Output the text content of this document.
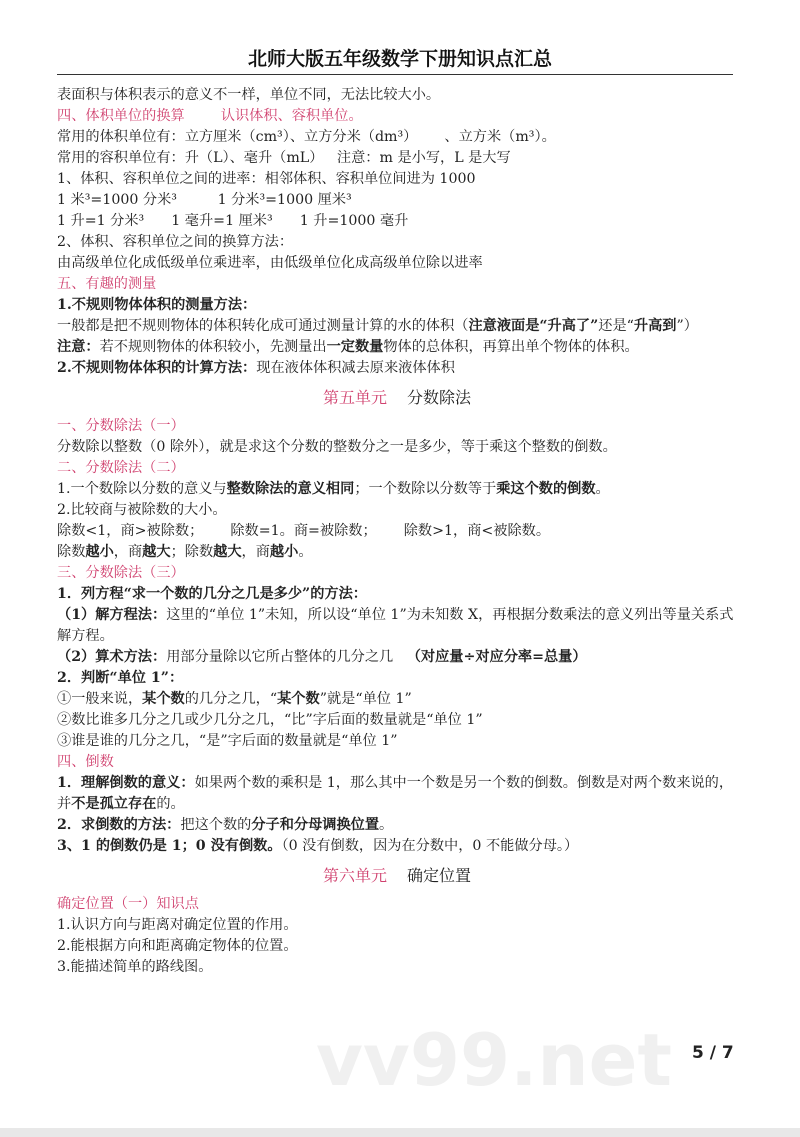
北师大版五年级数学下册知识点汇总
表面积与体积表示的意义不一样，单位不同，无法比较大小。
四、体积单位的换算        认识体积、容积单位。
常用的体积单位有：立方厘米（cm³）、立方分米（dm³）      、立方米（m³）。
常用的容积单位有：升（L）、毫升（mL）   注意：m 是小写，L 是大写
1、体积、容积单位之间的进率：相邻体积、容积单位间进为 1000
1 米³=1000 分米³         1 分米³=1000 厘米³
1 升=1 分米³      1 毫升=1 厘米³      1 升=1000 毫升
2、体积、容积单位之间的换算方法：
由高级单位化成低级单位乘进率，由低级单位化成高级单位除以进率
五、有趣的测量
1.不规则物体体积的测量方法：
一般都是把不规则物体的体积转化成可通过测量计算的水的体积（注意液面是“升高了”还是“升高到”）
注意：若不规则物体的体积较小，先测量出一定数量物体的总体积，再算出单个物体的体积。
2.不规则物体体积的计算方法：现在液体体积减去原来液体体积
第五单元 分数除法
一、分数除法（一）
分数除以整数（0 除外），就是求这个分数的整数分之一是多少，等于乘这个整数的倒数。
二、分数除法（二）
1.一个数除以分数的意义与整数除法的意义相同；一个数除以分数等于乘这个数的倒数。
2.比较商与被除数的大小。
除数<1，商>被除数；      除数=1。商=被除数；      除数>1，商<被除数。
除数越小，商越大；除数越大，商越小。
三、分数除法（三）
1．列方程“求一个数的几分之几是多少”的方法：
（1）解方程法：这里的“单位 1”未知，所以设“单位 1”为未知数 X，再根据分数乘法的意义列出等量关系式解方程。
（2）算术方法：用部分量除以它所占整体的几分之几   （对应量÷对应分率=总量）
2．判断“单位 1”：
①一般来说，某个数的几分之几，“某个数”就是“单位 1”
②数比谁多几分之几或少几分之几，“比”字后面的数量就是“单位 1”
③谁是谁的几分之几，“是”字后面的数量就是“单位 1”
四、倒数
1．理解倒数的意义：如果两个数的乘积是 1，那么其中一个数是另一个数的倒数。倒数是对两个数来说的，并不是孤立存在的。
2．求倒数的方法：把这个数的分子和分母调换位置。
3、1 的倒数仍是 1；0 没有倒数。（0 没有倒数，因为在分数中，0 不能做分母。）
第六单元 确定位置
确定位置（一）知识点
1.认识方向与距离对确定位置的作用。
2.能根据方向和距离确定物体的位置。
3.能描述简单的路线图。
vv99.net 5 / 7
